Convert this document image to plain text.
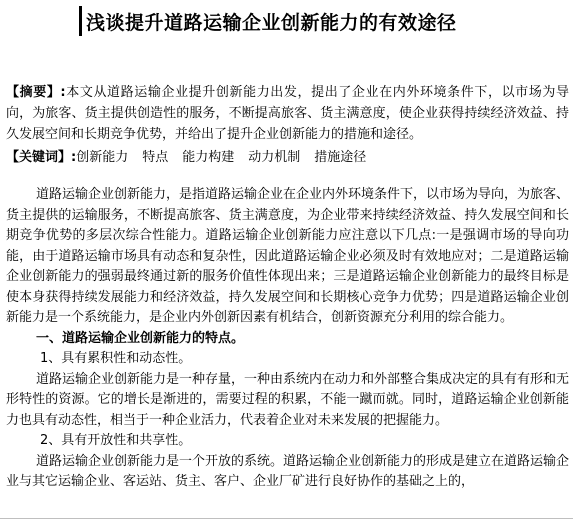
浅谈提升道路运输企业创新能力的有效途径

【摘要】:本文从道路运输企业提升创新能力出发，提出了企业在内外环境条件下，以市场为导向，为旅客、货主提供创造性的服务，不断提高旅客、货主满意度，使企业获得持续经济效益、持久发展空间和长期竞争优势，并给出了提升企业创新能力的措施和途径。

【关键词】:创新能力 特点 能力构建 动力机制 措施途径

道路运输企业创新能力，是指道路运输企业在企业内外环境条件下，以市场为导向，为旅客、货主提供的运输服务，不断提高旅客、货主满意度，为企业带来持续经济效益、持久发展空间和长期竞争优势的多层次综合性能力。道路运输企业创新能力应注意以下几点:一是强调市场的导向功能，由于道路运输市场具有动态和复杂性，因此道路运输企业必须及时有效地应对；二是道路运输企业创新能力的强弱最终通过新的服务价值性体现出来；三是道路运输企业创新能力的最终目标是使本身获得持续发展能力和经济效益，持久发展空间和长期核心竞争力优势；四是道路运输企业创新能力是一个系统能力，是企业内外创新因素有机结合，创新资源充分利用的综合能力。

一、道路运输企业创新能力的特点。

1、具有累积性和动态性。

道路运输企业创新能力是一种存量，一种由系统内在动力和外部整合集成决定的具有有形和无形特性的资源。它的增长是渐进的，需要过程的积累，不能一蹴而就。同时，道路运输企业创新能力也具有动态性，相当于一种企业活力，代表着企业对未来发展的把握能力。

2、具有开放性和共享性。

道路运输企业创新能力是一个开放的系统。道路运输企业创新能力的形成是建立在道路运输企业与其它运输企业、客运站、货主、客户、企业厂矿进行良好协作的基础之上的，
